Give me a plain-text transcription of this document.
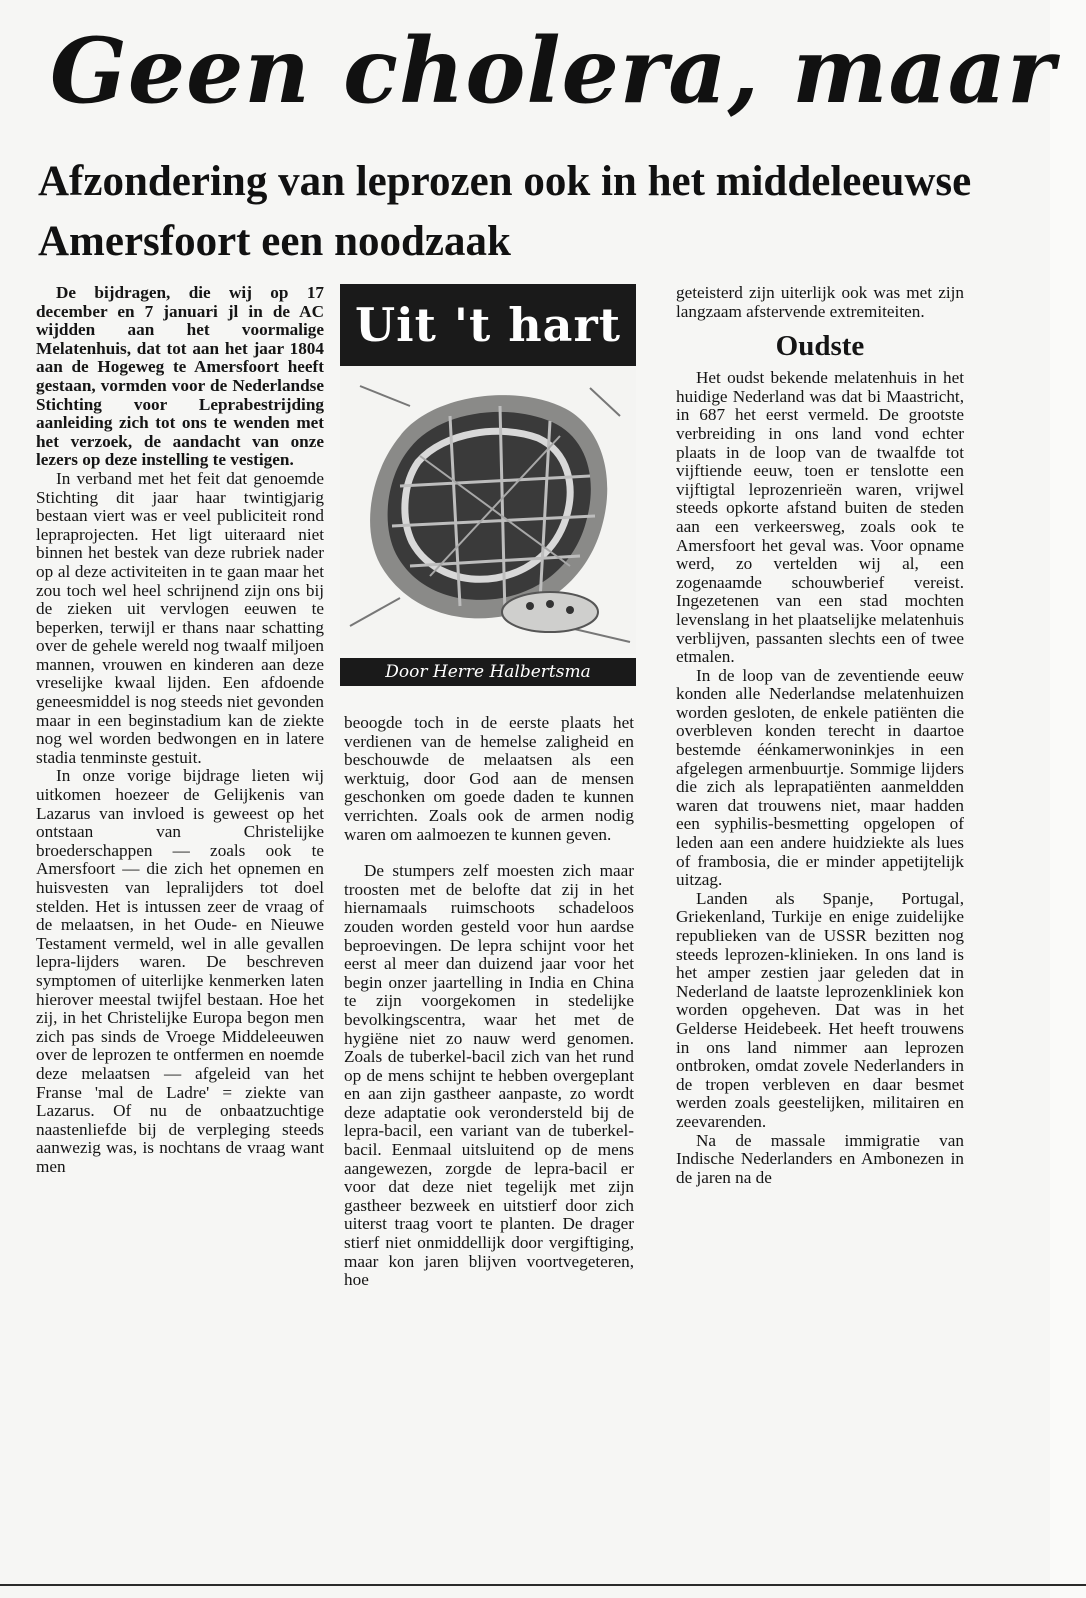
Geen cholera, maar
Afzondering van leprozen ook in het middeleeuwse Amersfoort een noodzaak

De bijdragen, die wij op 17 december en 7 januari jl in de AC wijdden aan het voormalige Melatenhuis, dat tot aan het jaar 1804 aan de Hogeweg te Amersfoort heeft gestaan, vormden voor de Nederlandse Stichting voor Leprabestrijding aanleiding zich tot ons te wenden met het verzoek, de aandacht van onze lezers op deze instelling te vestigen.

In verband met het feit dat genoemde Stichting dit jaar haar twintigjarig bestaan viert was er veel publiciteit rond lepraprojecten. Het ligt uiteraard niet binnen het bestek van deze rubriek nader op al deze activiteiten in te gaan maar het zou toch wel heel schrijnend zijn ons bij de zieken uit vervlogen eeuwen te beperken, terwijl er thans naar schatting over de gehele wereld nog twaalf miljoen mannen, vrouwen en kinderen aan deze vreselijke kwaal lijden. Een afdoende geneesmiddel is nog steeds niet gevonden maar in een beginstadium kan de ziekte nog wel worden bedwongen en in latere stadia tenminste gestuit.

In onze vorige bijdrage lieten wij uitkomen hoezeer de Gelijkenis van Lazarus van invloed is geweest op het ontstaan van Christelijke broederschappen — zoals ook te Amersfoort — die zich het opnemen en huisvesten van lepralijders tot doel stelden. Het is intussen zeer de vraag of de melaatsen, in het Oude- en Nieuwe Testament vermeld, wel in alle gevallen lepra-lijders waren. De beschreven symptomen of uiterlijke kenmerken laten hierover meestal twijfel bestaan. Hoe het zij, in het Christelijke Europa begon men zich pas sinds de Vroege Middeleeuwen over de leprozen te ontfermen en noemde deze melaatsen — afgeleid van het Franse 'mal de Ladre' = ziekte van Lazarus. Of nu de onbaatzuchtige naastenliefde bij de verpleging steeds aanwezig was, is nochtans de vraag want men

Uit 't hart
Door Herre Halbertsma

beoogde toch in de eerste plaats het verdienen van de hemelse zaligheid en beschouwde de melaatsen als een werktuig, door God aan de mensen geschonken om goede daden te kunnen verrichten. Zoals ook de armen nodig waren om aalmoezen te kunnen geven.

De stumpers zelf moesten zich maar troosten met de belofte dat zij in het hiernamaals ruimschoots schadeloos zouden worden gesteld voor hun aardse beproevingen. De lepra schijnt voor het eerst al meer dan duizend jaar voor het begin onzer jaartelling in India en China te zijn voorgekomen in stedelijke bevolkingscentra, waar het met de hygiëne niet zo nauw werd genomen. Zoals de tuberkel-bacil zich van het rund op de mens schijnt te hebben overgeplant en aan zijn gastheer aanpaste, zo wordt deze adaptatie ook verondersteld bij de lepra-bacil, een variant van de tuberkel-bacil. Eenmaal uitsluitend op de mens aangewezen, zorgde de lepra-bacil er voor dat deze niet tegelijk met zijn gastheer bezweek en uitstierf door zich uiterst traag voort te planten. De drager stierf niet onmiddellijk door vergiftiging, maar kon jaren blijven voortvegeteren, hoe

geteisterd zijn uiterlijk ook was met zijn langzaam afstervende extremiteiten.

Oudste

Het oudst bekende melatenhuis in het huidige Nederland was dat bi Maastricht, in 687 het eerst vermeld. De grootste verbreiding in ons land vond echter plaats in de loop van de twaalfde tot vijftiende eeuw, toen er tenslotte een vijftigtal leprozenrieën waren, vrijwel steeds opkorte afstand buiten de steden aan een verkeersweg, zoals ook te Amersfoort het geval was. Voor opname werd, zo vertelden wij al, een zogenaamde schouwberief vereist. Ingezetenen van een stad mochten levenslang in het plaatselijke melatenhuis verblijven, passanten slechts een of twee etmalen.

In de loop van de zeventiende eeuw konden alle Nederlandse melatenhuizen worden gesloten, de enkele patiënten die overbleven konden terecht in daartoe bestemde éénkamerwoninkjes in een afgelegen armenbuurtje. Sommige lijders die zich als leprapatiënten aanmeldden waren dat trouwens niet, maar hadden een syphilis-besmetting opgelopen of leden aan een andere huidziekte als lues of frambosia, die er minder appetijtelijk uitzag.

Landen als Spanje, Portugal, Griekenland, Turkije en enige zuidelijke republieken van de USSR bezitten nog steeds leprozen-klinieken. In ons land is het amper zestien jaar geleden dat in Nederland de laatste leprozenkliniek kon worden opgeheven. Dat was in het Gelderse Heidebeek. Het heeft trouwens in ons land nimmer aan leprozen ontbroken, omdat zovele Nederlanders in de tropen verbleven en daar besmet werden zoals geestelijken, militairen en zeevarenden.

Na de massale immigratie van Indische Nederlanders en Ambonezen in de jaren na de
